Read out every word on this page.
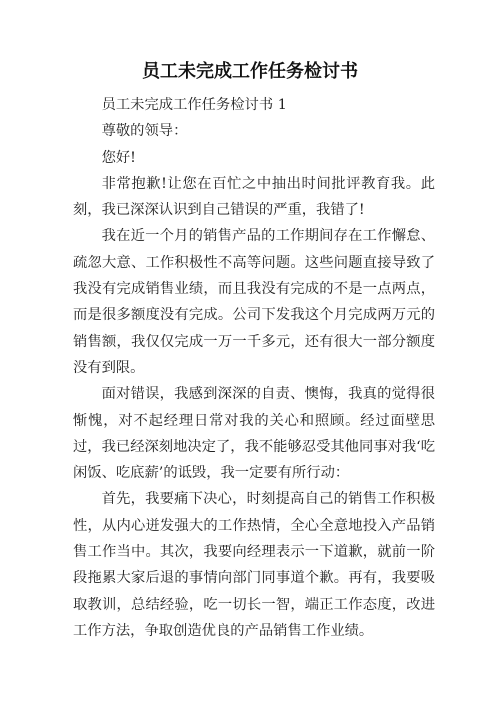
员工未完成工作任务检讨书

员工未完成工作任务检讨书 1

尊敬的领导：

您好!

非常抱歉!让您在百忙之中抽出时间批评教育我。此刻，我已深深认识到自己错误的严重，我错了!

我在近一个月的销售产品的工作期间存在工作懈怠、疏忽大意、工作积极性不高等问题。这些问题直接导致了我没有完成销售业绩，而且我没有完成的不是一点两点，而是很多额度没有完成。公司下发我这个月完成两万元的销售额，我仅仅完成一万一千多元，还有很大一部分额度没有到限。

面对错误，我感到深深的自责、懊悔，我真的觉得很惭愧，对不起经理日常对我的关心和照顾。经过面壁思过，我已经深刻地决定了，我不能够忍受其他同事对我‘吃闲饭、吃底薪’的诋毁，我一定要有所行动：

首先，我要痛下决心，时刻提高自己的销售工作积极性，从内心迸发强大的工作热情，全心全意地投入产品销售工作当中。其次，我要向经理表示一下道歉，就前一阶段拖累大家后退的事情向部门同事道个歉。再有，我要吸取教训，总结经验，吃一切长一智，端正工作态度，改进工作方法，争取创造优良的产品销售工作业绩。
